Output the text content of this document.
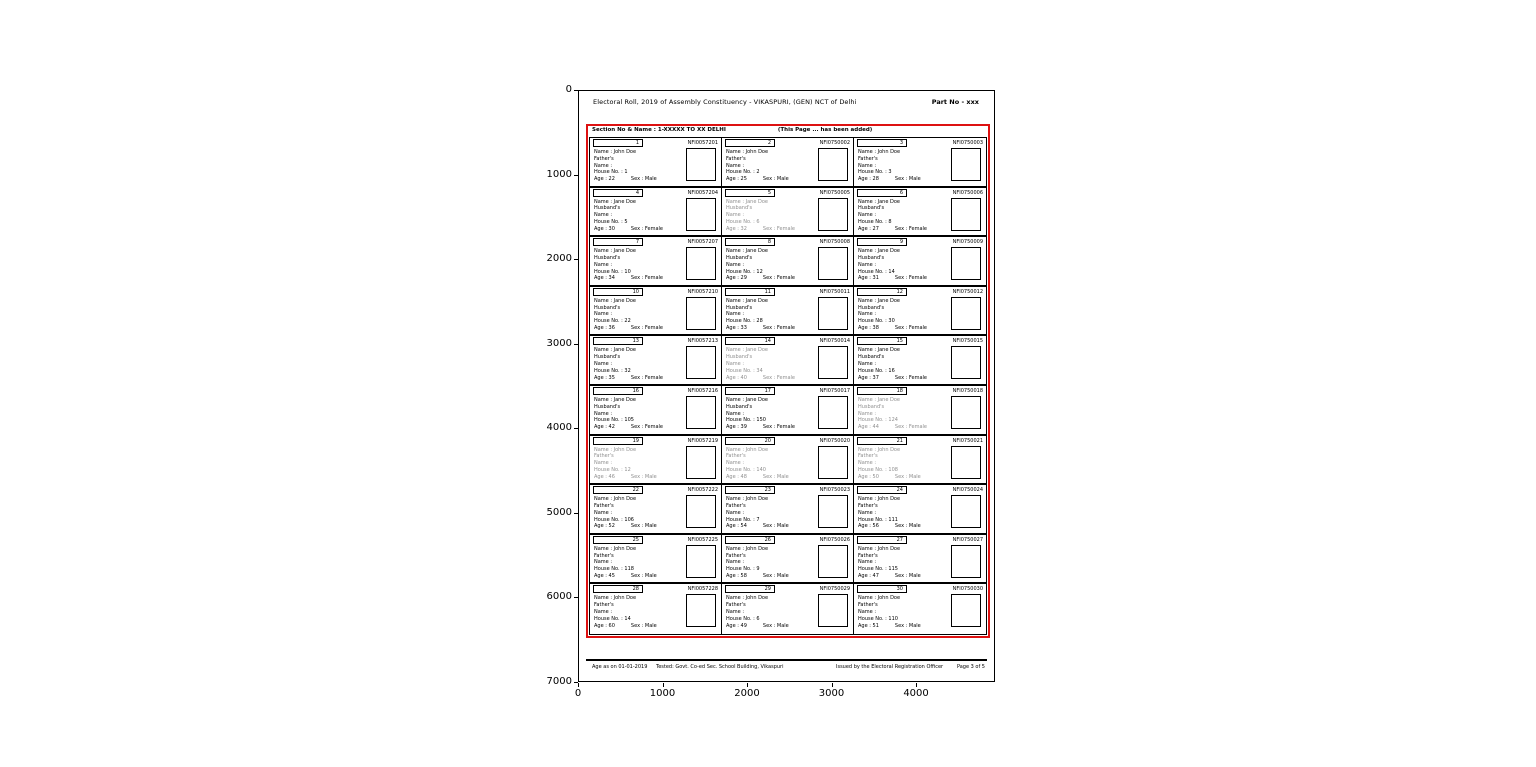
0
1000
2000
3000
4000
5000
6000
7000
0	1000	2000	3000	4000
Electoral Roll, 2019 of Assembly Constituency - VIKASPURI, (GEN) NCT of Delhi	Part No - xxx
Section No & Name : 1-XXXXX TO XX DELHI	(This Page ... has been added)
1	NFI0057201
Name : John Doe
Father's
Name :
House No. : 1
Age : 22	Sex : Male
2	NFI0750002
Name : John Doe
Father's
Name :
House No. : 2
Age : 25	Sex : Male
3	NFI0750003
Name : John Doe
Father's
Name :
House No. : 3
Age : 28	Sex : Male
4	NFI0057204
Name : Jane Doe
Husband's
Name :
House No. : 5
Age : 30	Sex : Female
5	NFI0750005
Name : Jane Doe
Husband's
Name :
House No. : 6
Age : 32	Sex : Female
6	NFI0750006
Name : Jane Doe
Husband's
Name :
House No. : 8
Age : 27	Sex : Female
7	NFI0057207
Name : Jane Doe
Husband's
Name :
House No. : 10
Age : 34	Sex : Female
8	NFI0750008
Name : Jane Doe
Husband's
Name :
House No. : 12
Age : 29	Sex : Female
9	NFI0750009
Name : Jane Doe
Husband's
Name :
House No. : 14
Age : 31	Sex : Female
10	NFI0057210
Name : Jane Doe
Husband's
Name :
House No. : 22
Age : 36	Sex : Female
11	NFI0750011
Name : Jane Doe
Husband's
Name :
House No. : 28
Age : 33	Sex : Female
12	NFI0750012
Name : Jane Doe
Husband's
Name :
House No. : 30
Age : 38	Sex : Female
13	NFI0057213
Name : Jane Doe
Husband's
Name :
House No. : 32
Age : 35	Sex : Female
14	NFI0750014
Name : Jane Doe
Husband's
Name :
House No. : 34
Age : 40	Sex : Female
15	NFI0750015
Name : Jane Doe
Husband's
Name :
House No. : 16
Age : 37	Sex : Female
16	NFI0057216
Name : Jane Doe
Husband's
Name :
House No. : 105
Age : 42	Sex : Female
17	NFI0750017
Name : Jane Doe
Husband's
Name :
House No. : 150
Age : 39	Sex : Female
18	NFI0750018
Name : Jane Doe
Husband's
Name :
House No. : 124
Age : 44	Sex : Female
19	NFI0057219
Name : John Doe
Father's
Name :
House No. : 12
Age : 46	Sex : Male
20	NFI0750020
Name : John Doe
Father's
Name :
House No. : 140
Age : 48	Sex : Male
21	NFI0750021
Name : John Doe
Father's
Name :
House No. : 108
Age : 50	Sex : Male
22	NFI0057222
Name : John Doe
Father's
Name :
House No. : 106
Age : 52	Sex : Male
23	NFI0750023
Name : John Doe
Father's
Name :
House No. : 7
Age : 54	Sex : Male
24	NFI0750024
Name : John Doe
Father's
Name :
House No. : 111
Age : 56	Sex : Male
25	NFI0057225
Name : John Doe
Father's
Name :
House No. : 118
Age : 45	Sex : Male
26	NFI0750026
Name : John Doe
Father's
Name :
House No. : 9
Age : 58	Sex : Male
27	NFI0750027
Name : John Doe
Father's
Name :
House No. : 115
Age : 47	Sex : Male
28	NFI0057228
Name : John Doe
Father's
Name :
House No. : 14
Age : 60	Sex : Male
29	NFI0750029
Name : John Doe
Father's
Name :
House No. : 6
Age : 49	Sex : Male
30	NFI0750030
Name : John Doe
Father's
Name :
House No. : 110
Age : 51	Sex : Male
Age as on 01-01-2019 Tested: Govt. Co-ed Sec. School Building, Vikaspuri	Issued by the Electoral Registration Officer	Page 3 of 5
